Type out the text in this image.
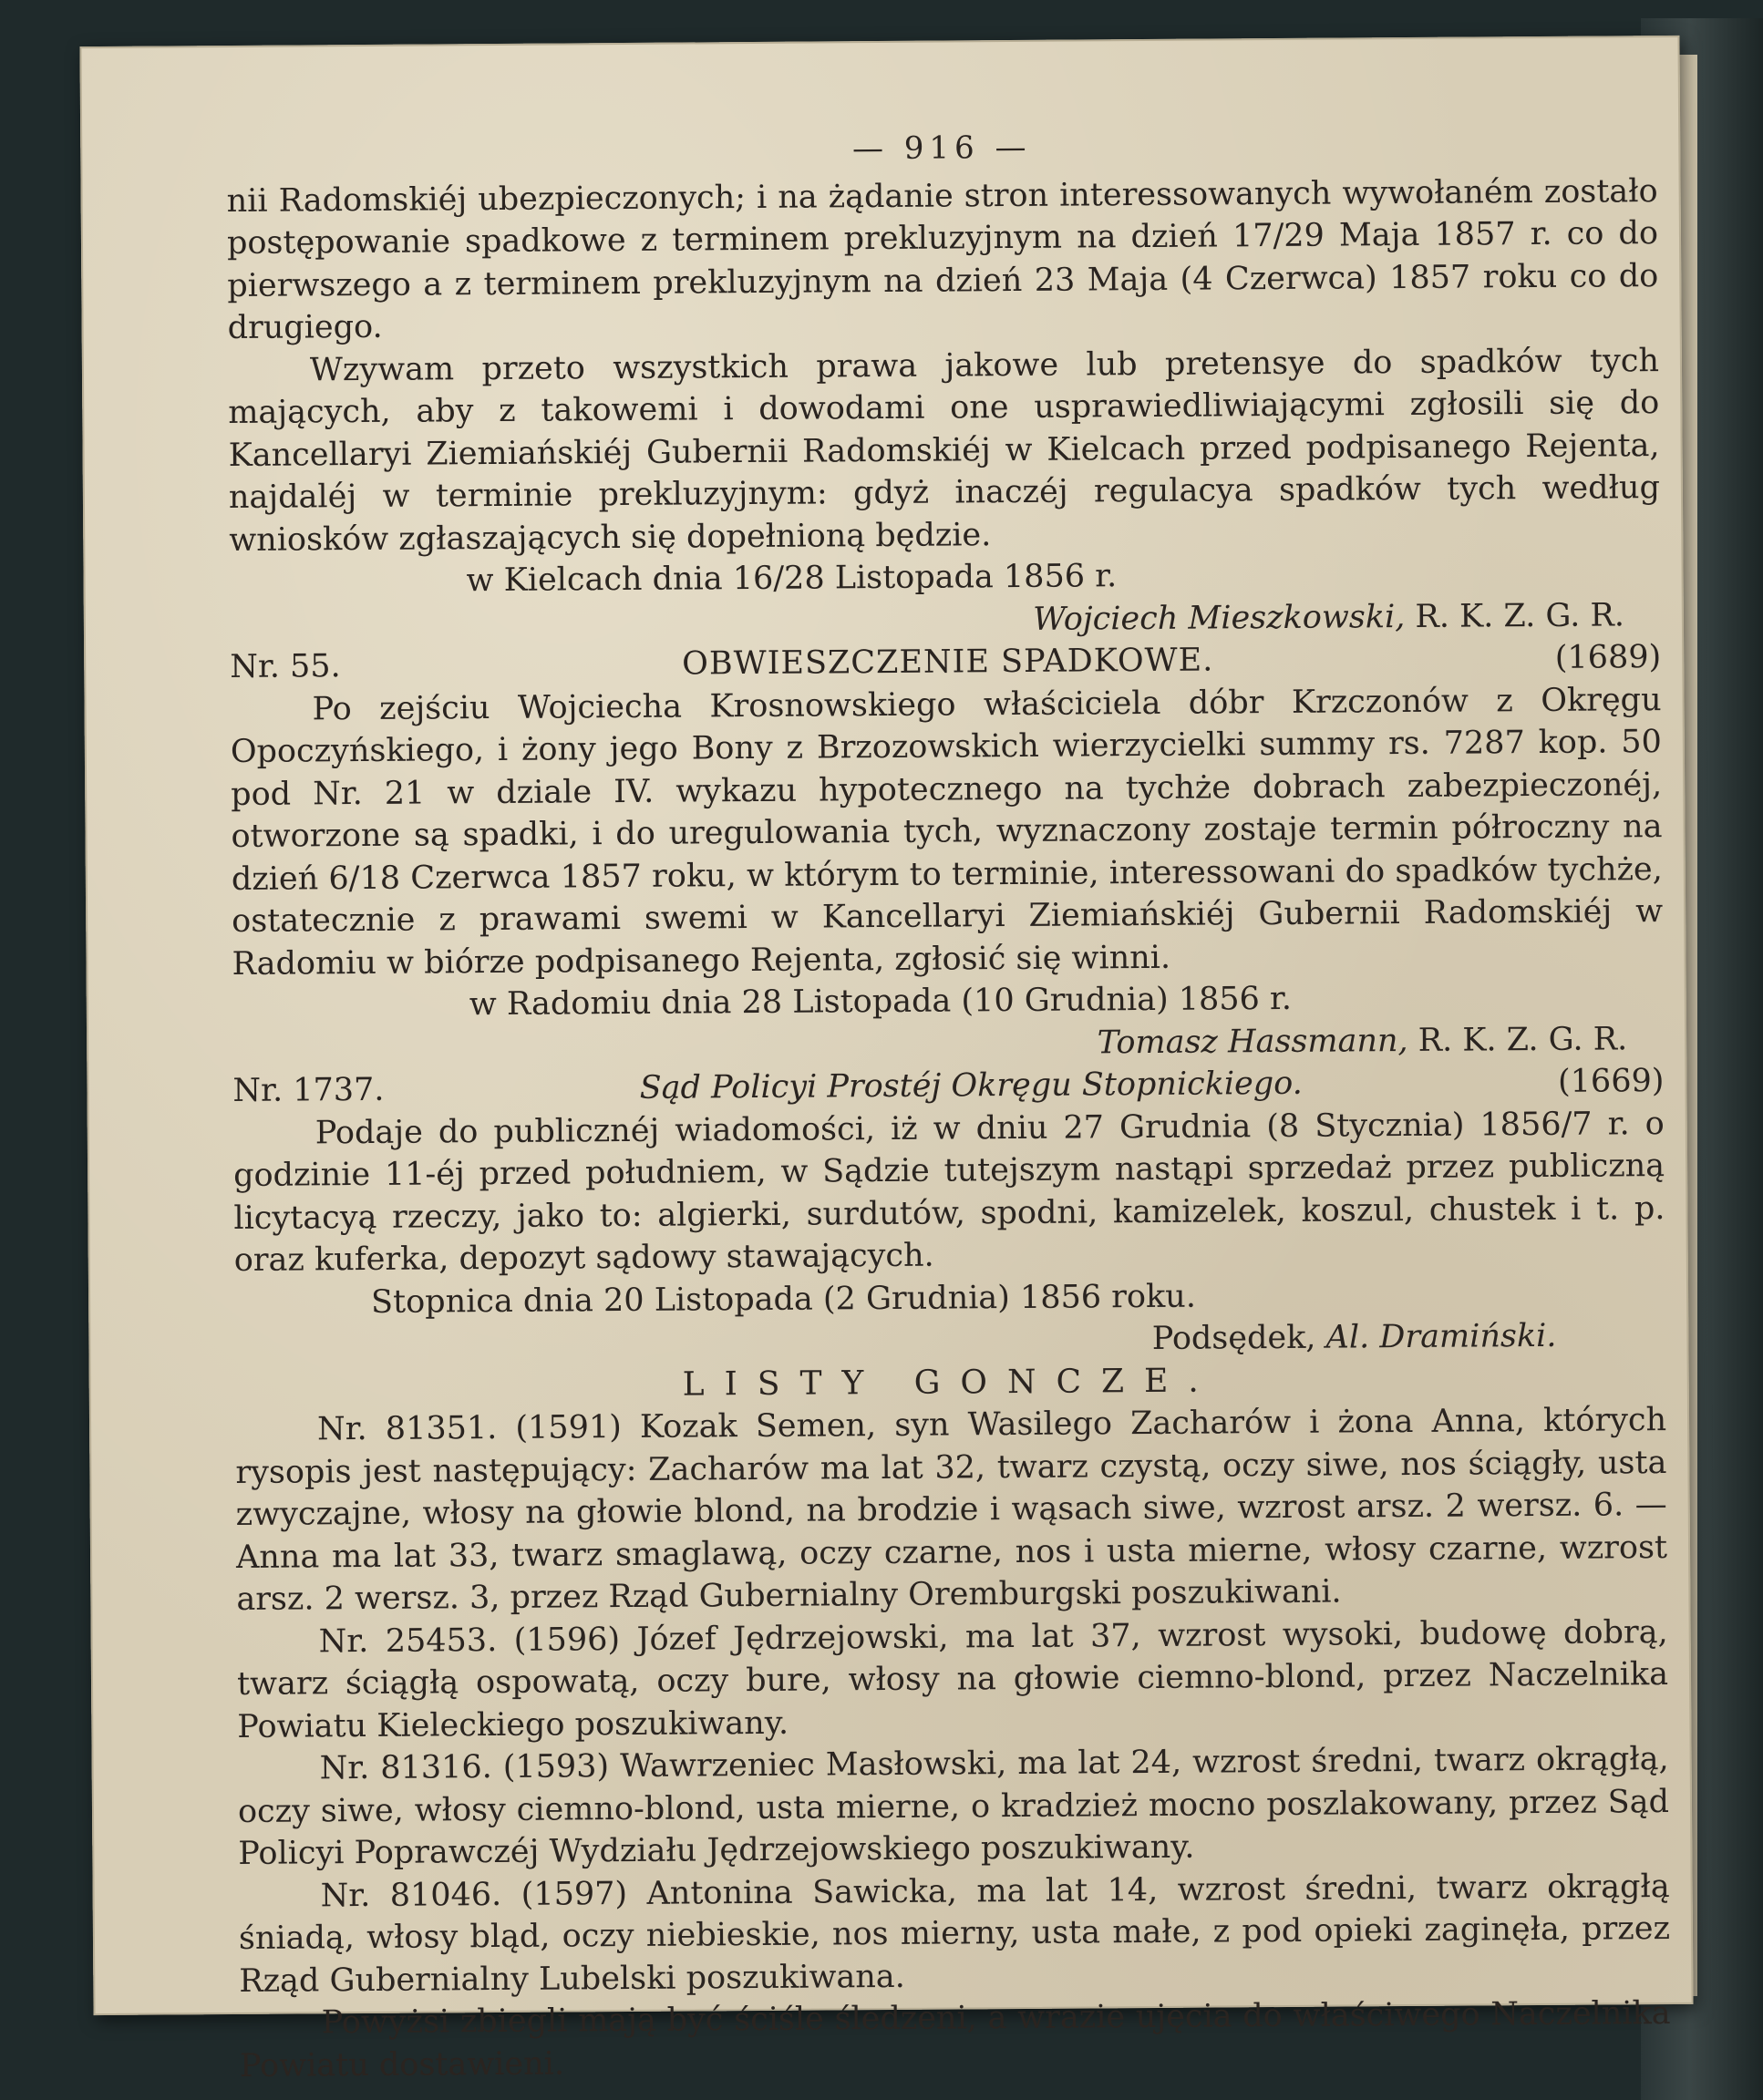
— 916 —

nii Radomskiéj ubezpieczonych; i na żądanie stron interessowanych wywołaném zostało postępowanie spadkowe z terminem prekluzyjnym na dzień 17/29 Maja 1857 r. co do pierwszego a z terminem prekluzyjnym na dzień 23 Maja (4 Czerwca) 1857 roku co do drugiego.

Wzywam przeto wszystkich prawa jakowe lub pretensye do spadków tych mających, aby z takowemi i dowodami one usprawiedliwiającymi zgłosili się do Kancellaryi Ziemiańskiéj Gubernii Radomskiéj w Kielcach przed podpisanego Rejenta, najdaléj w terminie prekluzyjnym: gdyż inaczéj regulacya spadków tych według wniosków zgłaszających się dopełnioną będzie.

w Kielcach dnia 16/28 Listopada 1856 r.

Wojciech Mieszkowski, R. K. Z. G. R.

Nr. 55.	OBWIESZCZENIE SPADKOWE.	(1689)

Po zejściu Wojciecha Krosnowskiego właściciela dóbr Krzczonów z Okręgu Opoczyńskiego, i żony jego Bony z Brzozowskich wierzycielki summy rs. 7287 kop. 50 pod Nr. 21 w dziale IV. wykazu hypotecznego na tychże dobrach zabezpieczonéj, otworzone są spadki, i do uregulowania tych, wyznaczony zostaje termin półroczny na dzień 6/18 Czerwca 1857 roku, w którym to terminie, interessowani do spadków tychże, ostatecznie z prawami swemi w Kancellaryi Ziemiańskiéj Gubernii Radomskiéj w Radomiu w biórze podpisanego Rejenta, zgłosić się winni.

w Radomiu dnia 28 Listopada (10 Grudnia) 1856 r.

Tomasz Hassmann, R. K. Z. G. R.

Nr. 1737.	Sąd Policyi Prostéj Okręgu Stopnickiego.	(1669)

Podaje do publicznéj wiadomości, iż w dniu 27 Grudnia (8 Stycznia) 1856/7 r. o godzinie 11-éj przed południem, w Sądzie tutejszym nastąpi sprzedaż przez publiczną licytacyą rzeczy, jako to: algierki, surdutów, spodni, kamizelek, koszul, chustek i t. p. oraz kuferka, depozyt sądowy stawających.

Stopnica dnia 20 Listopada (2 Grudnia) 1856 roku.

Podsędek, Al. Dramiński.

LISTY GONCZE.

Nr. 81351. (1591) Kozak Semen, syn Wasilego Zacharów i żona Anna, których rysopis jest następujący: Zacharów ma lat 32, twarz czystą, oczy siwe, nos ściągły, usta zwyczajne, włosy na głowie blond, na brodzie i wąsach siwe, wzrost arsz. 2 wersz. 6. — Anna ma lat 33, twarz smaglawą, oczy czarne, nos i usta mierne, włosy czarne, wzrost arsz. 2 wersz. 3, przez Rząd Gubernialny Oremburgski poszukiwani.

Nr. 25453. (1596) Józef Jędrzejowski, ma lat 37, wzrost wysoki, budowę dobrą, twarz ściągłą ospowatą, oczy bure, włosy na głowie ciemno-blond, przez Naczelnika Powiatu Kieleckiego poszukiwany.

Nr. 81316. (1593) Wawrzeniec Masłowski, ma lat 24, wzrost średni, twarz okrągłą, oczy siwe, włosy ciemno-blond, usta mierne, o kradzież mocno poszlakowany, przez Sąd Policyi Poprawczéj Wydziału Jędrzejowskiego poszukiwany.

Nr. 81046. (1597) Antonina Sawicka, ma lat 14, wzrost średni, twarz okrągłą śniadą, włosy bląd, oczy niebieskie, nos mierny, usta małe, z pod opieki zaginęła, przez Rząd Gubernialny Lubelski poszukiwana.

Powyżsi zbiegli mają być ściśle śledzeni, a wrazie ujęcia do właściwego Naczelnika Powiatu dostawieni.
